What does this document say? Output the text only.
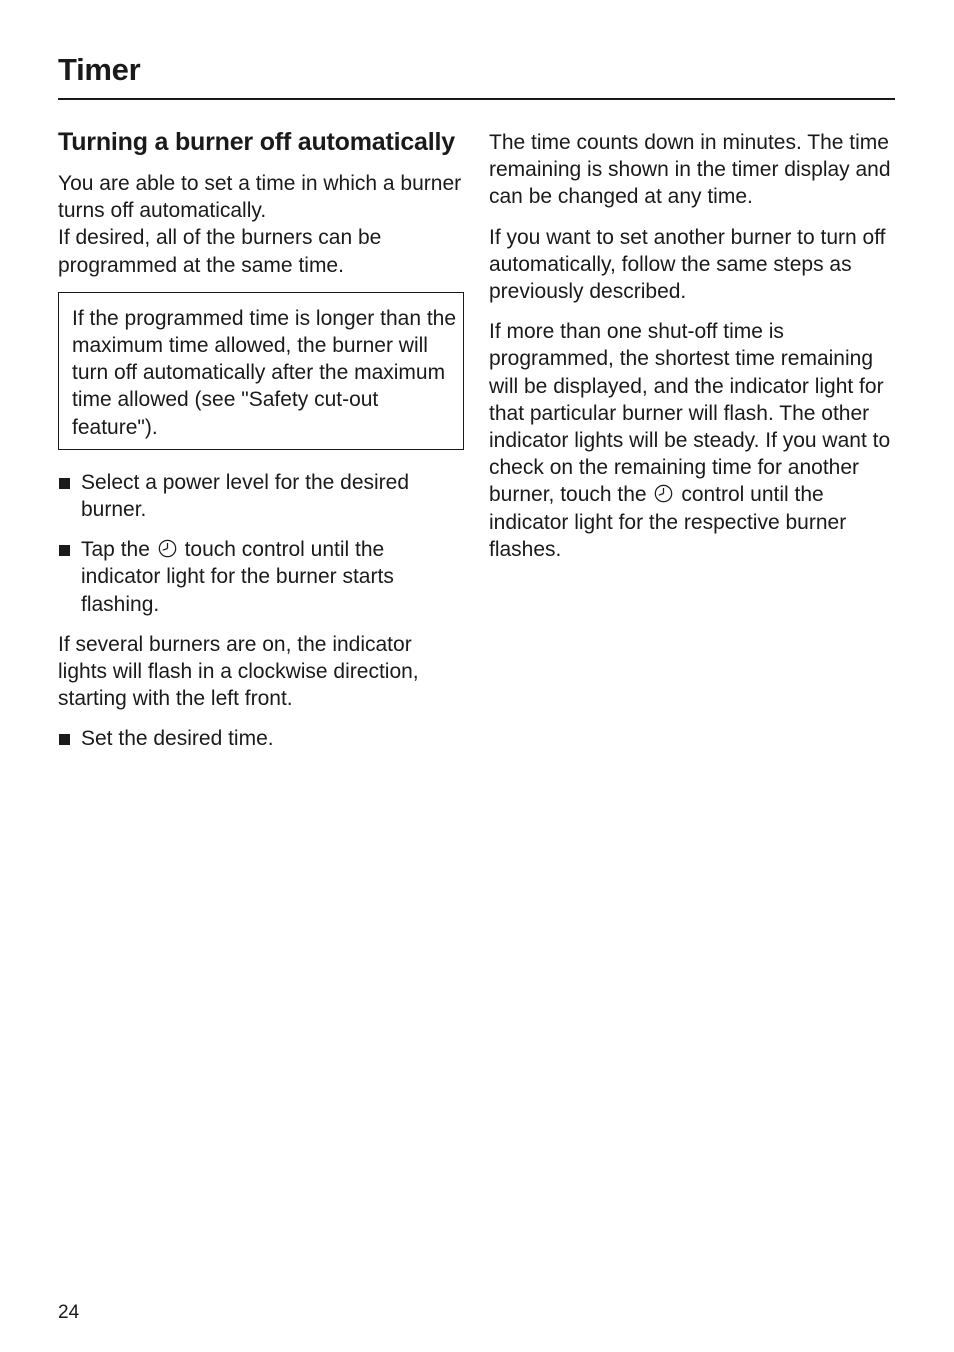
Timer
Turning a burner off automatically

You are able to set a time in which a burner turns off automatically.

If desired, all of the burners can be programmed at the same time.

If the programmed time is longer than the maximum time allowed, the burner will turn off automatically after the maximum time allowed (see "Safety cut-out feature").

Select a power level for the desired burner.
Tap the touch control until the indicator light for the burner starts flashing.

If several burners are on, the indicator lights will flash in a clockwise direction, starting with the left front.

Set the desired time.

The time counts down in minutes. The time remaining is shown in the timer display and can be changed at any time.

If you want to set another burner to turn off automatically, follow the same steps as previously described.

If more than one shut-off time is programmed, the shortest time remaining will be displayed, and the indicator light for that particular burner will flash. The other indicator lights will be steady. If you want to check on the remaining time for another burner, touch the control until the indicator light for the respective burner flashes.

24
